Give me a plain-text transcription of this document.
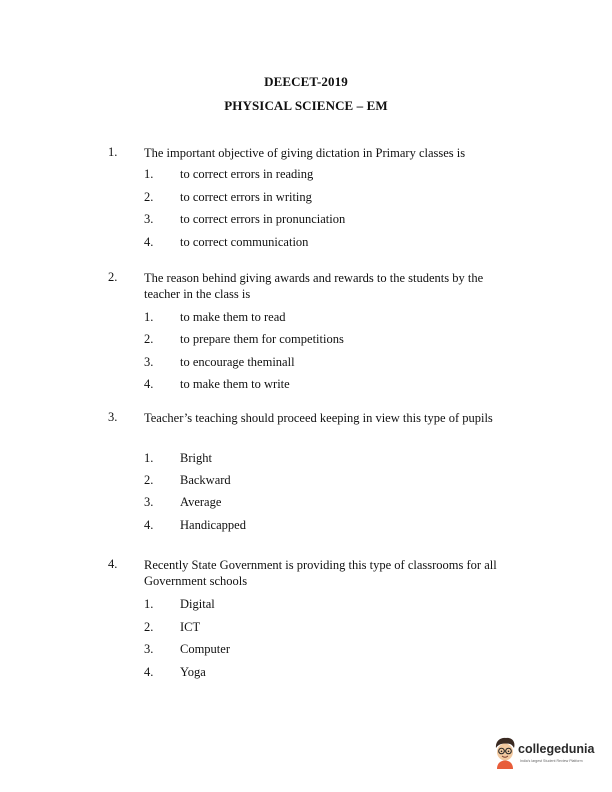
DEECET-2019
PHYSICAL SCIENCE – EM
1. The important objective of giving dictation in Primary classes is
1. to correct errors in reading
2. to correct errors in writing
3. to correct errors in pronunciation
4. to correct communication
2. The reason behind giving awards and rewards to the students by the teacher in the class is
1. to make them to read
2. to prepare them for competitions
3. to encourage theminall
4. to make them to write
3. Teacher’s teaching should proceed keeping in view this type of pupils
1. Bright
2. Backward
3. Average
4. Handicapped
4. Recently State Government is providing this type of classrooms for all Government schools
1. Digital
2. ICT
3. Computer
4. Yoga
collegedunia
India's largest Student Review Platform
